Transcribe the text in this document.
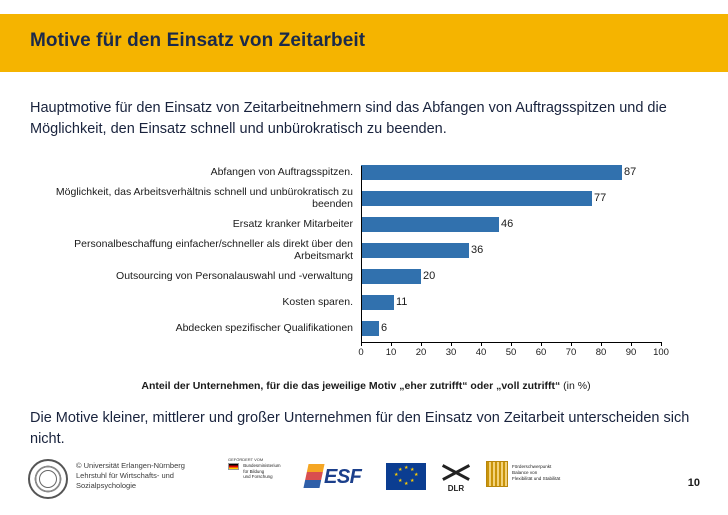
Motive für den Einsatz von Zeitarbeit
Hauptmotive für den Einsatz von Zeitarbeitnehmern sind das Abfangen von Auftragsspitzen und die Möglichkeit, den Einsatz schnell und unbürokratisch zu beenden.
Abfangen von Auftragsspitzen.	87
Möglichkeit, das Arbeitsverhältnis schnell und unbürokratisch zu beenden	77
Ersatz kranker Mitarbeiter	46
Personalbeschaffung einfacher/schneller als direkt über den Arbeitsmarkt	36
Outsourcing von Personalauswahl und -verwaltung	20
Kosten sparen.	11
Abdecken spezifischer Qualifikationen	6
0 10 20 30 40 50 60 70 80 90 100
Anteil der Unternehmen, für die das jeweilige Motiv „eher zutrifft“ oder „voll zutrifft“ (in %)
Die Motive kleiner, mittlerer und großer Unternehmen für den Einsatz von Zeitarbeit unterscheiden sich nicht.
© Universität Erlangen-Nürnberg
Lehrstuhl für Wirtschafts- und
Sozialpsychologie
GEFÖRDERT VOM

Bundesministerium
für Bildung
und Forschung	ESF	★
★ ★
★	★
★ ★
★	DLR
Förderschwerpunkt
Balance von
Flexibilität und Stabilität	10
